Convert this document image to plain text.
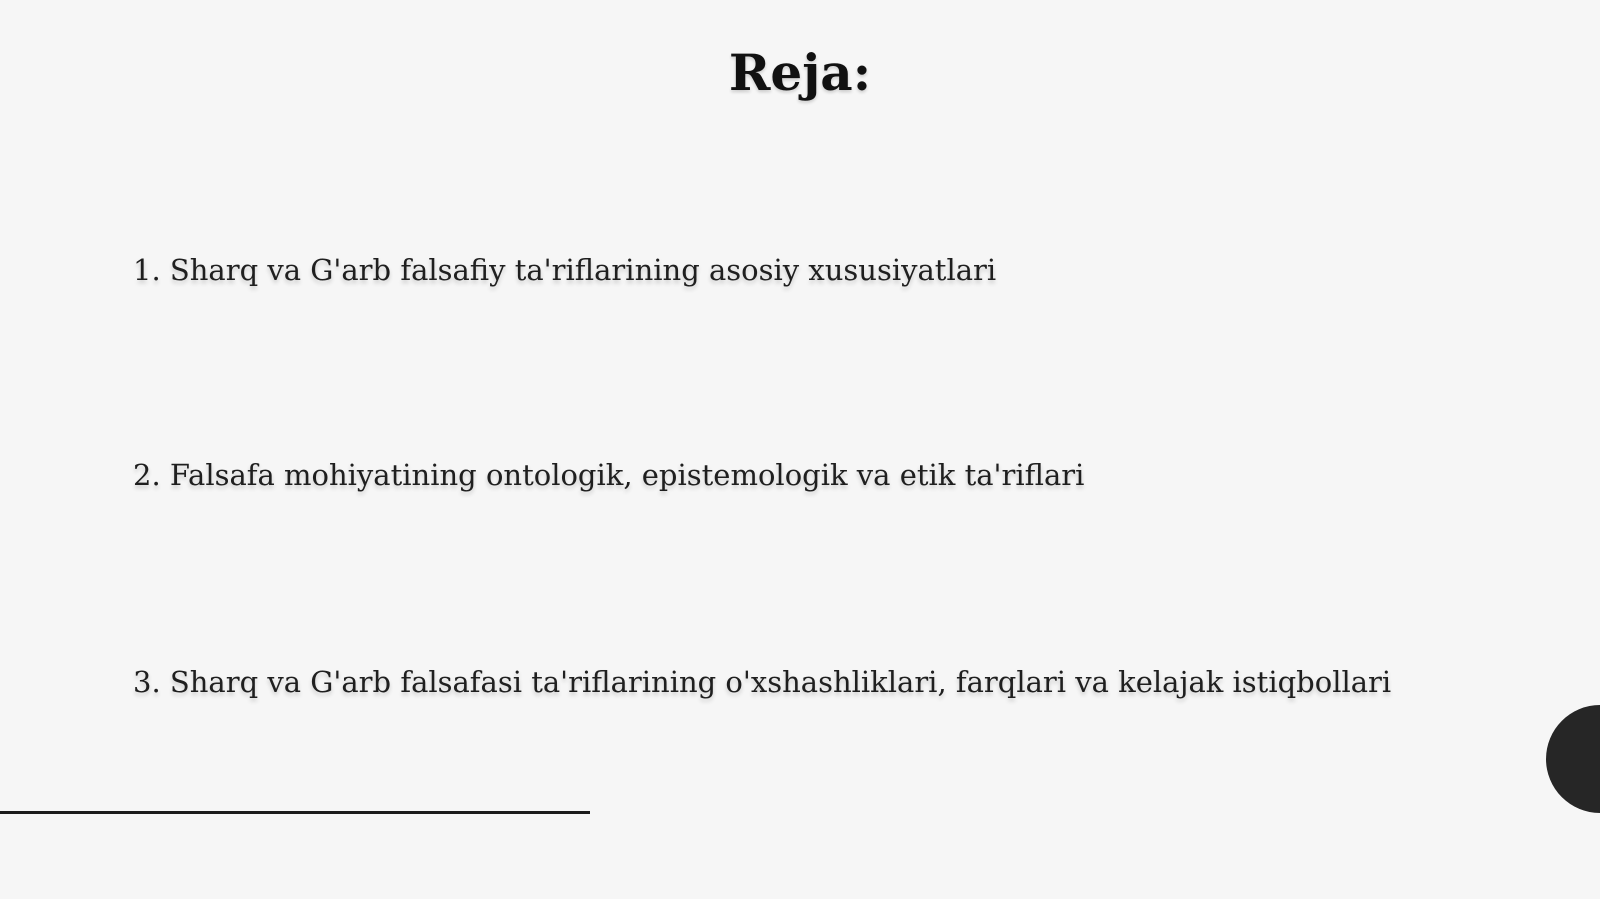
Reja:
1. Sharq va G'arb falsafiy ta'riflarining asosiy xususiyatlari
2. Falsafa mohiyatining ontologik, epistemologik va etik ta'riflari
3. Sharq va G'arb falsafasi ta'riflarining o'xshashliklari, farqlari va kelajak istiqbollari
